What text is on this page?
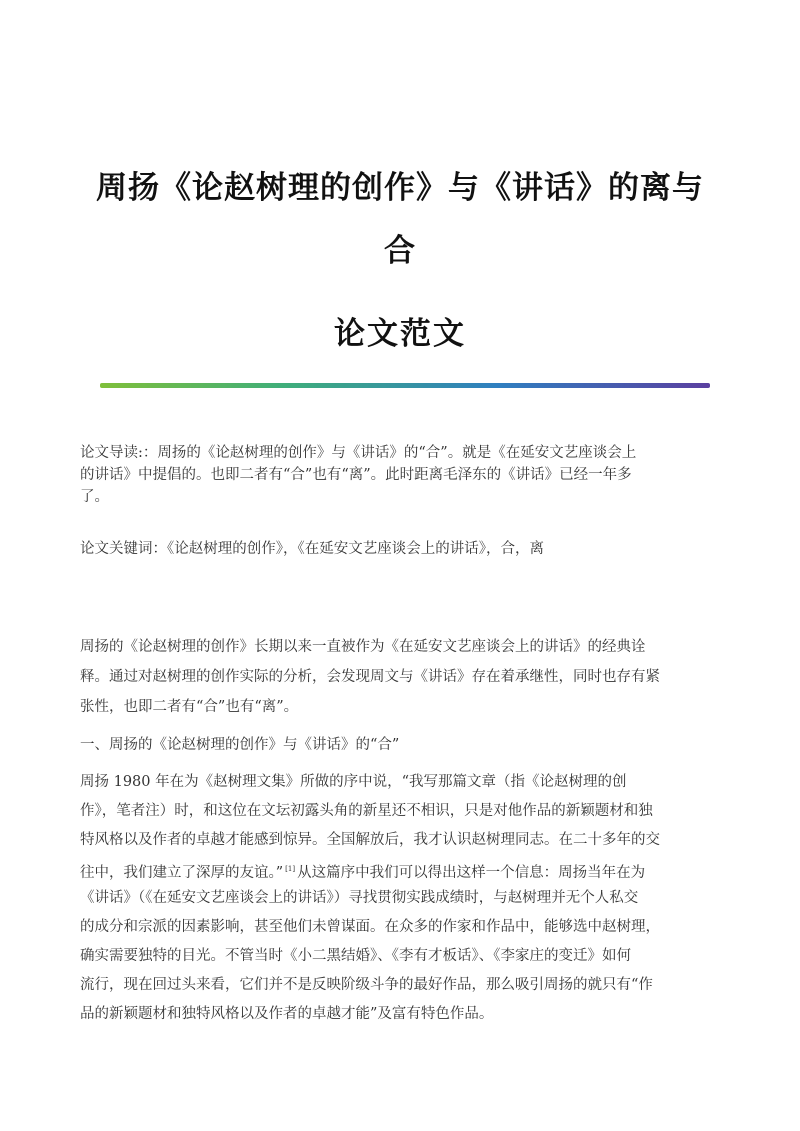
周扬《论赵树理的创作》与《讲话》的离与
合
论文范文
论文导读:：周扬的《论赵树理的创作》与《讲话》的“合”。就是《在延安文艺座谈会上
的讲话》中提倡的。也即二者有“合”也有“离”。此时距离毛泽东的《讲话》已经一年多
了。
论文关键词：《论赵树理的创作》，《在延安文艺座谈会上的讲话》，合，离
周扬的《论赵树理的创作》长期以来一直被作为《在延安文艺座谈会上的讲话》的经典诠
释。通过对赵树理的创作实际的分析，会发现周文与《讲话》存在着承继性，同时也存有紧
张性，也即二者有“合”也有“离”。
一、周扬的《论赵树理的创作》与《讲话》的“合”
周扬 1980 年在为《赵树理文集》所做的序中说，“我写那篇文章（指《论赵树理的创
作》，笔者注）时，和这位在文坛初露头角的新星还不相识，只是对他作品的新颖题材和独
特风格以及作者的卓越才能感到惊异。全国解放后，我才认识赵树理同志。在二十多年的交
往中，我们建立了深厚的友谊。” [1] 从这篇序中我们可以得出这样一个信息：周扬当年在为
《讲话》（《在延安文艺座谈会上的讲话》）寻找贯彻实践成绩时，与赵树理并无个人私交
的成分和宗派的因素影响，甚至他们未曾谋面。在众多的作家和作品中，能够选中赵树理，
确实需要独特的目光。不管当时《小二黑结婚》、《李有才板话》、《李家庄的变迁》如何
流行，现在回过头来看，它们并不是反映阶级斗争的最好作品，那么吸引周扬的就只有“作
品的新颖题材和独特风格以及作者的卓越才能”及富有特色作品。
